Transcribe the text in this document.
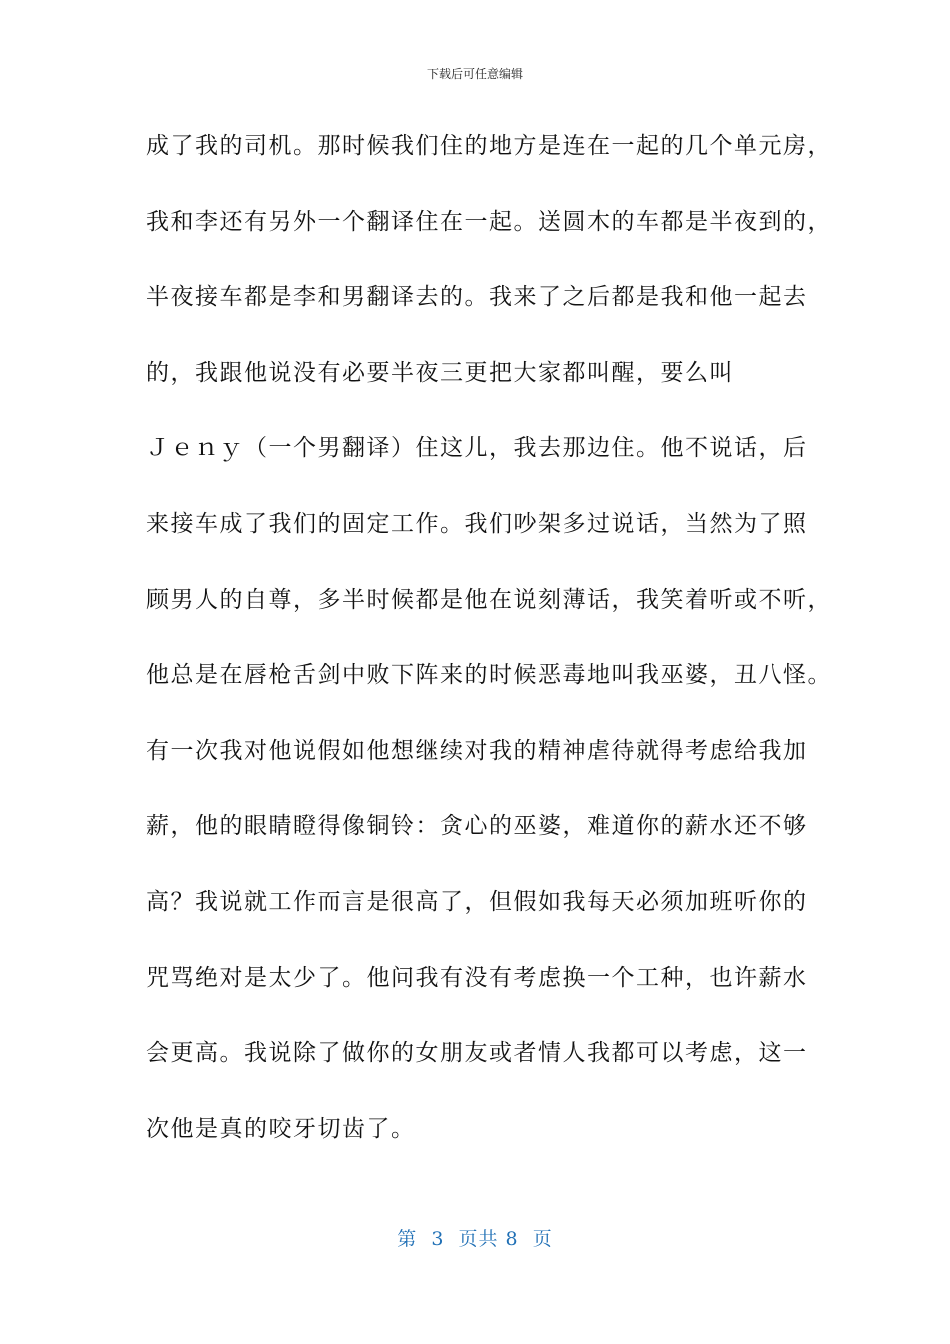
下载后可任意编辑
成了我的司机。那时候我们住的地方是连在一起的几个单元房，
我和李还有另外一个翻译住在一起。送圆木的车都是半夜到的，
半夜接车都是李和男翻译去的。我来了之后都是我和他一起去
的，我跟他说没有必要半夜三更把大家都叫醒，要么叫
Ｊｅｎｙ（一个男翻译）住这儿，我去那边住。他不说话，后
来接车成了我们的固定工作。我们吵架多过说话，当然为了照
顾男人的自尊，多半时候都是他在说刻薄话，我笑着听或不听，
他总是在唇枪舌剑中败下阵来的时候恶毒地叫我巫婆，丑八怪。
有一次我对他说假如他想继续对我的精神虐待就得考虑给我加
薪，他的眼睛瞪得像铜铃：贪心的巫婆，难道你的薪水还不够
高？我说就工作而言是很高了，但假如我每天必须加班听你的
咒骂绝对是太少了。他问我有没有考虑换一个工种，也许薪水
会更高。我说除了做你的女朋友或者情人我都可以考虑，这一
次他是真的咬牙切齿了。
第  3  页共 8  页
